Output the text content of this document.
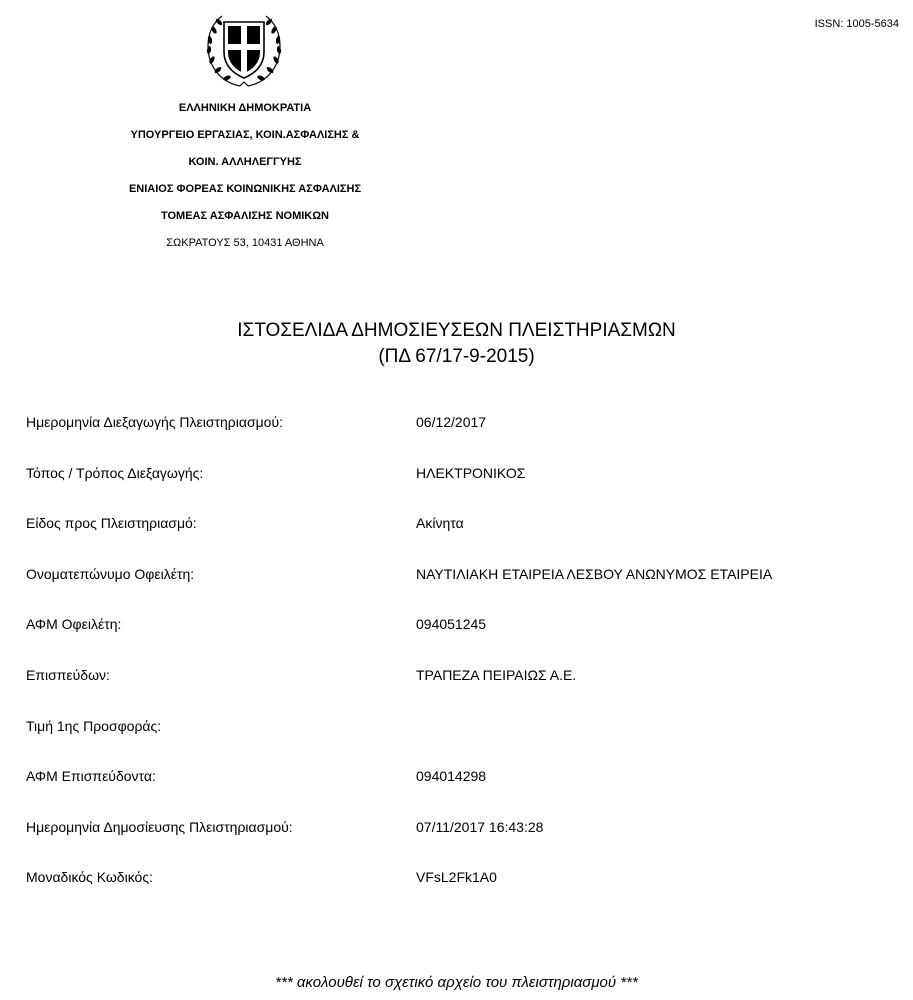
ISSN: 1005-5634
ΕΛΛΗΝΙΚΗ ΔΗΜΟΚΡΑΤΙΑ
ΥΠΟΥΡΓΕΙΟ ΕΡΓΑΣΙΑΣ, ΚΟΙΝ.ΑΣΦΑΛΙΣΗΣ &
ΚΟΙΝ. ΑΛΛΗΛΕΓΓΥΗΣ
ΕΝΙΑΙΟΣ ΦΟΡΕΑΣ ΚΟΙΝΩΝΙΚΗΣ ΑΣΦΑΛΙΣΗΣ
ΤΟΜΕΑΣ ΑΣΦΑΛΙΣΗΣ ΝΟΜΙΚΩΝ
ΣΩΚΡΑΤΟΥΣ 53, 10431 ΑΘΗΝΑ
ΙΣΤΟΣΕΛΙΔΑ ΔΗΜΟΣΙΕΥΣΕΩΝ ΠΛΕΙΣΤΗΡΙΑΣΜΩΝ
(ΠΔ 67/17-9-2015)
Ημερομηνία Διεξαγωγής Πλειστηριασμού:	06/12/2017
Τόπος / Τρόπος Διεξαγωγής:	ΗΛΕΚΤΡΟΝΙΚΟΣ
Είδος προς Πλειστηριασμό:	Ακίνητα
Ονοματεπώνυμο Οφειλέτη:	ΝΑΥΤΙΛΙΑΚΗ ΕΤΑΙΡΕΙΑ ΛΕΣΒΟΥ ΑΝΩΝΥΜΟΣ ΕΤΑΙΡΕΙΑ
ΑΦΜ Οφειλέτη:	094051245
Επισπεύδων:	ΤΡΑΠΕΖΑ ΠΕΙΡΑΙΩΣ Α.Ε.
Τιμή 1ης Προσφοράς:
ΑΦΜ Επισπεύδοντα:	094014298
Ημερομηνία Δημοσίευσης Πλειστηριασμού:	07/11/2017 16:43:28
Μοναδικός Κωδικός:	VFsL2Fk1A0
*** ακολουθεί το σχετικό αρχείο του πλειστηριασμού ***
